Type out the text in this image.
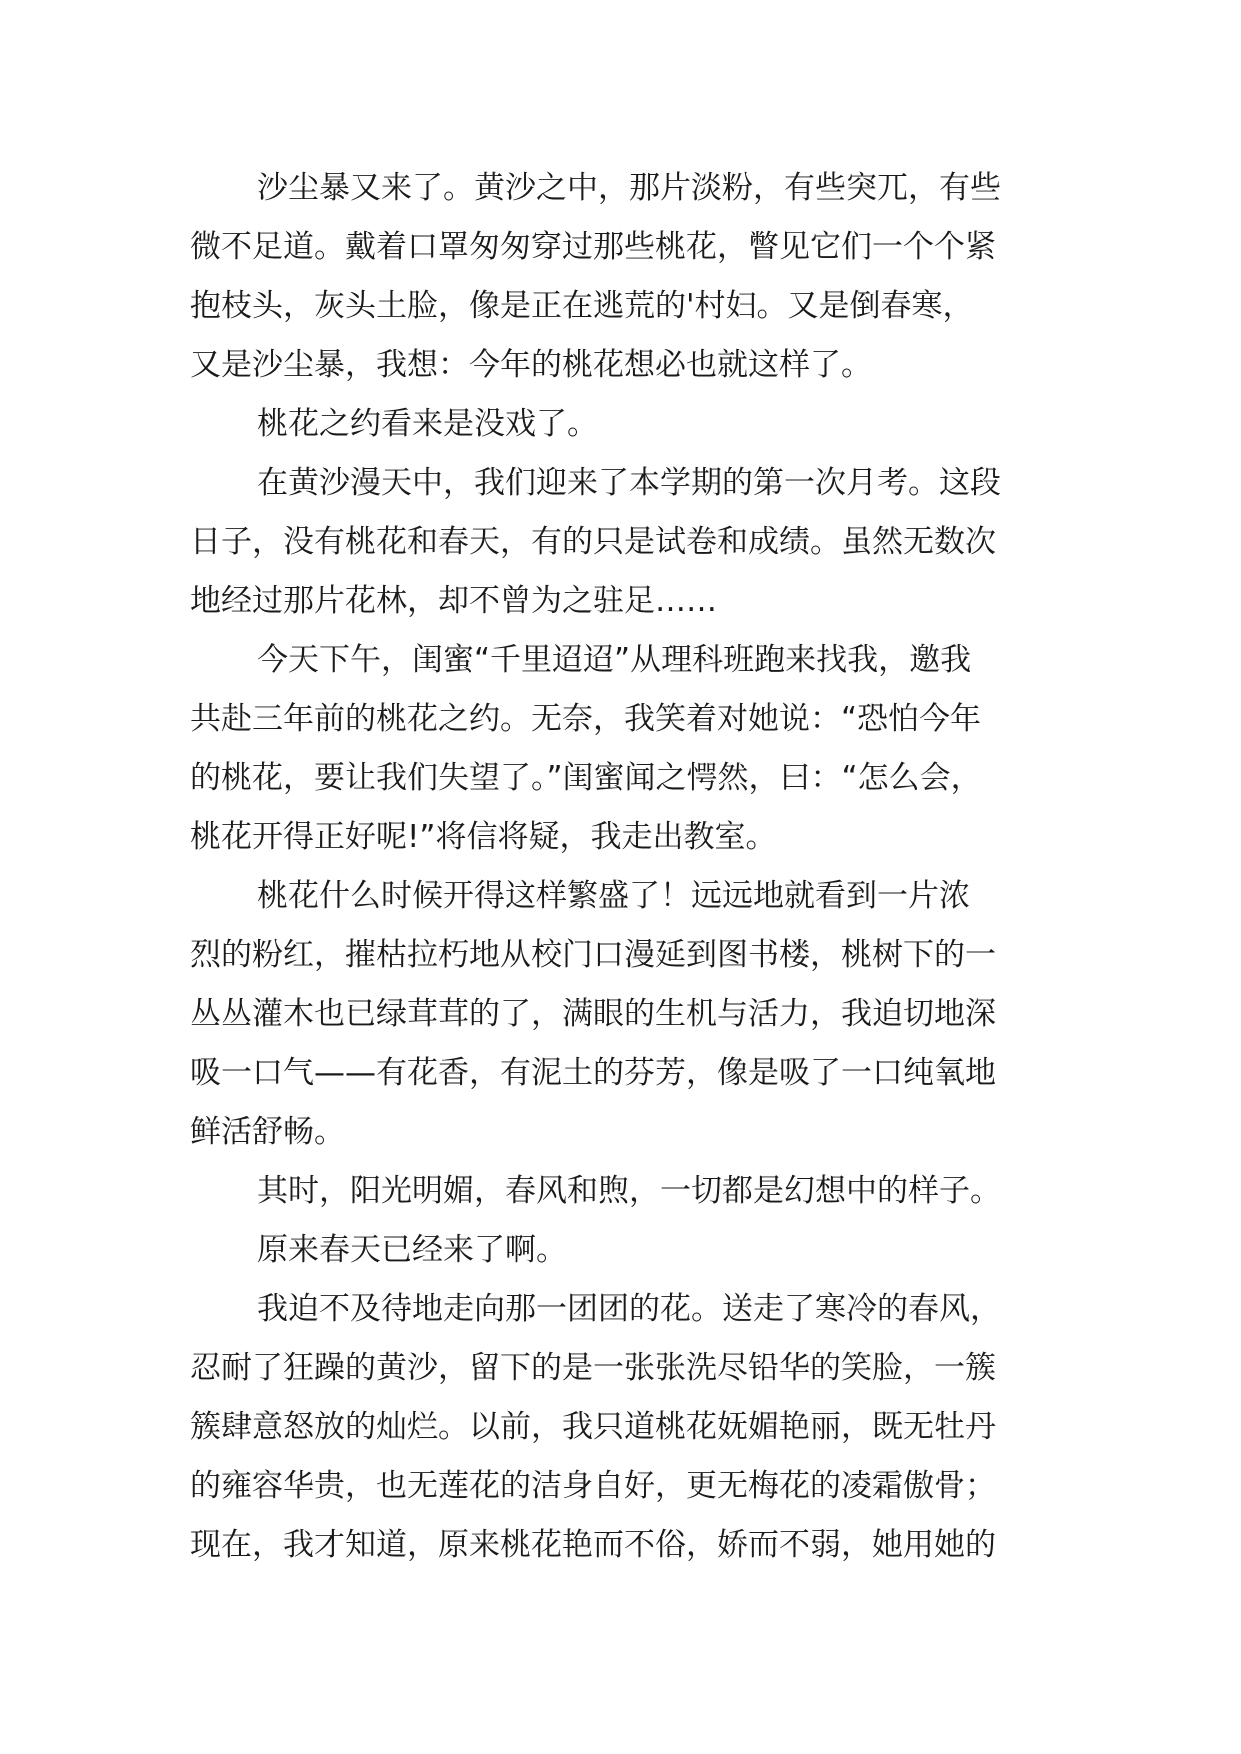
沙尘暴又来了。黄沙之中，那片淡粉，有些突兀，有些
微不足道。戴着口罩匆匆穿过那些桃花，瞥见它们一个个紧
抱枝头，灰头土脸，像是正在逃荒的'村妇。又是倒春寒，
又是沙尘暴，我想：今年的桃花想必也就这样了。
桃花之约看来是没戏了。
在黄沙漫天中，我们迎来了本学期的第一次月考。这段
日子，没有桃花和春天，有的只是试卷和成绩。虽然无数次
地经过那片花林，却不曾为之驻足……
今天下午，闺蜜“千里迢迢”从理科班跑来找我，邀我
共赴三年前的桃花之约。无奈，我笑着对她说：“恐怕今年
的桃花，要让我们失望了。”闺蜜闻之愕然，曰：“怎么会，
桃花开得正好呢!”将信将疑，我走出教室。
桃花什么时候开得这样繁盛了！远远地就看到一片浓
烈的粉红，摧枯拉朽地从校门口漫延到图书楼，桃树下的一
丛丛灌木也已绿茸茸的了，满眼的生机与活力，我迫切地深
吸一口气——有花香，有泥土的芬芳，像是吸了一口纯氧地
鲜活舒畅。
其时，阳光明媚，春风和煦，一切都是幻想中的样子。
原来春天已经来了啊。
我迫不及待地走向那一团团的花。送走了寒冷的春风，
忍耐了狂躁的黄沙，留下的是一张张洗尽铅华的笑脸，一簇
簇肆意怒放的灿烂。以前，我只道桃花妩媚艳丽，既无牡丹
的雍容华贵，也无莲花的洁身自好，更无梅花的凌霜傲骨；
现在，我才知道，原来桃花艳而不俗，娇而不弱，她用她的
